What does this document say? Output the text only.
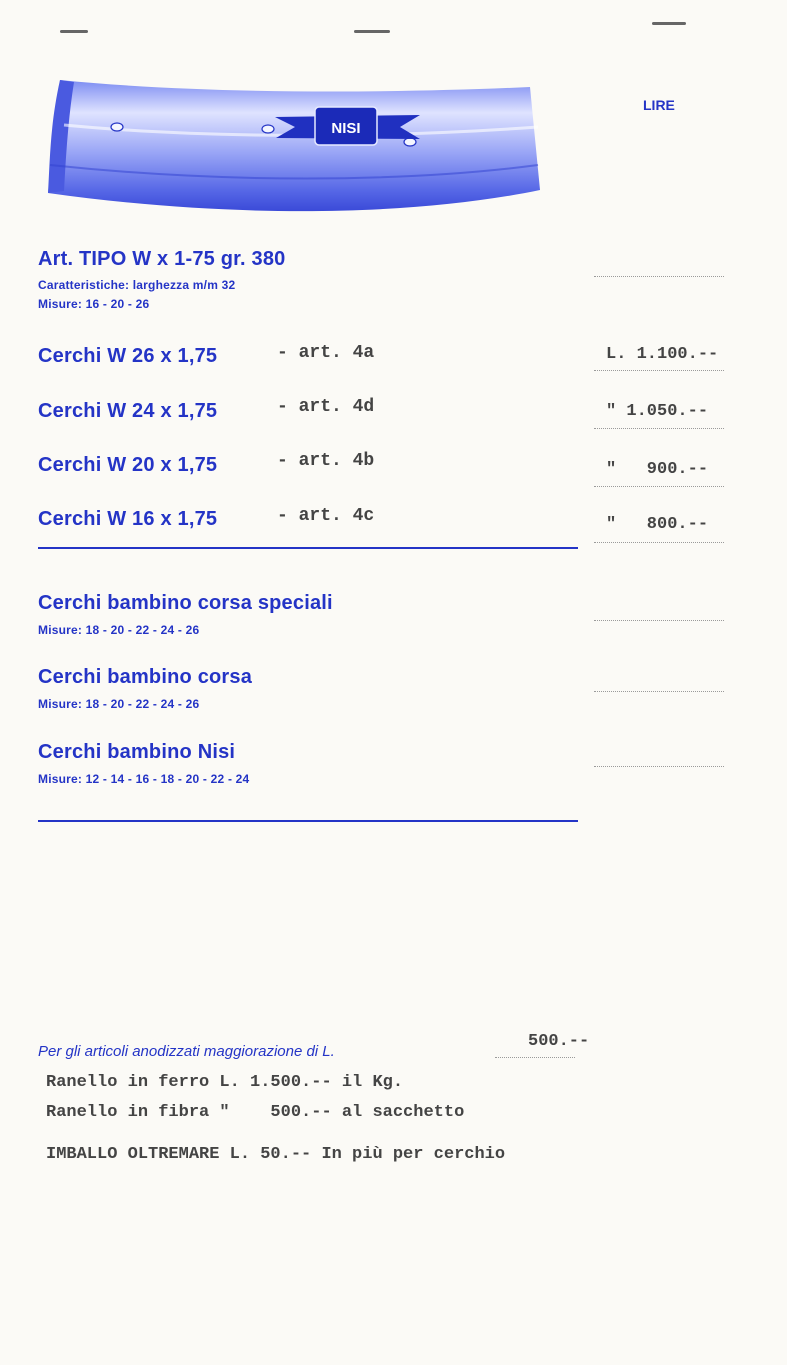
NISI
LIRE
Art. TIPO W x 1-75 gr. 380
Caratteristiche: larghezza m/m 32
Misure: 16 - 20 - 26
Cerchi W 26 x 1,75	- art. 4a	L. 1.100.--
Cerchi W 24 x 1,75	- art. 4d	" 1.050.--
Cerchi W 20 x 1,75	- art. 4b	"   900.--
Cerchi W 16 x 1,75	- art. 4c	"   800.--
Cerchi bambino corsa speciali
Misure: 18 - 20 - 22 - 24 - 26
Cerchi bambino corsa
Misure: 18 - 20 - 22 - 24 - 26
Cerchi bambino Nisi
Misure: 12 - 14 - 16 - 18 - 20 - 22 - 24
Per gli articoli anodizzati maggiorazione di L.
500.--
Ranello in ferro L. 1.500.-- il Kg.
Ranello in fibra "    500.-- al sacchetto
IMBALLO OLTREMARE L. 50.-- In più per cerchio
